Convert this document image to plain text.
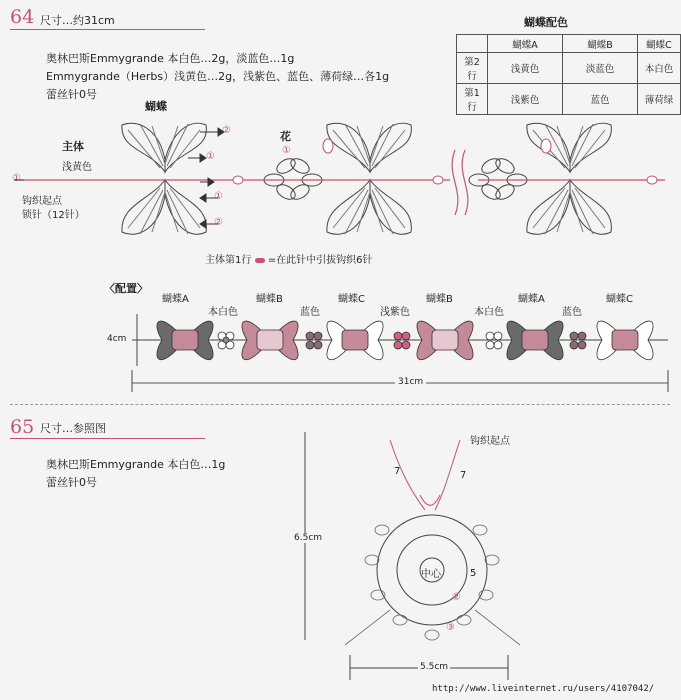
64 尺寸…约31cm
奥林巴斯Emmygrande 本白色…2g，淡蓝色…1g
Emmygrande（Herbs）浅黄色…2g，浅紫色、蓝色、薄荷绿…各1g
蕾丝针0号
蝴蝶配色
	蝴蝶A	蝴蝶B	蝴蝶C
第2行	浅黄色	淡蓝色	本白色
第1行	浅紫色	蓝色	薄荷绿
蝴蝶
主体
浅黄色
花
钩织起点
锁针（12针）
②
①
①
①
①
②
主体第1行 =在此针中引拔钩织6针
〈配置〉
蝴蝶A
本白色
蝴蝶B
蓝色
蝴蝶C
浅紫色
蝴蝶B
本白色
蝴蝶A
蓝色
蝴蝶C
4cm
31cm
65 尺寸…参照图
奥林巴斯Emmygrande 本白色…1g
蕾丝针0号
钩织起点
中心
7	7
5
②
③
6.5cm
5.5cm
http://www.liveinternet.ru/users/4107042/
